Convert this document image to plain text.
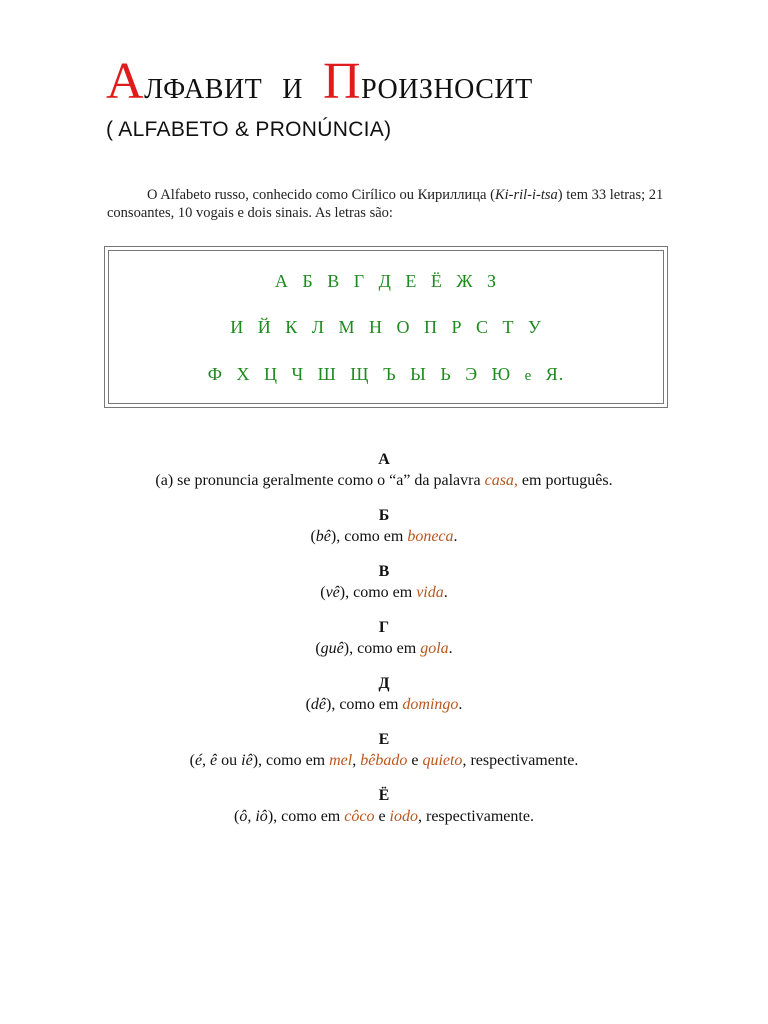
АЛФАВИТ И ПРОИЗНОСИТ
( ALFABETO & PRONÚNCIA)
O Alfabeto russo, conhecido como Cirílico ou Кириллица (Ki-ril-i-tsa) tem 33 letras; 21 consoantes, 10 vogais e dois sinais. As letras são:
А Б В Г Д Е Ё Ж З
И Й К Л М Н О П Р С Т У
Ф Х Ц Ч Ш Щ Ъ Ы Ь Э Ю e Я.
А
(a) se pronuncia geralmente como o “a” da palavra casa, em português.
Б
(bê), como em boneca.
В
(vê), como em vida.
Г
(guê), como em gola.
Д
(dê), como em domingo.
Е
(é, ê ou iê), como em mel, bêbado e quieto, respectivamente.
Ё
(ô, iô), como em côco e iodo, respectivamente.
